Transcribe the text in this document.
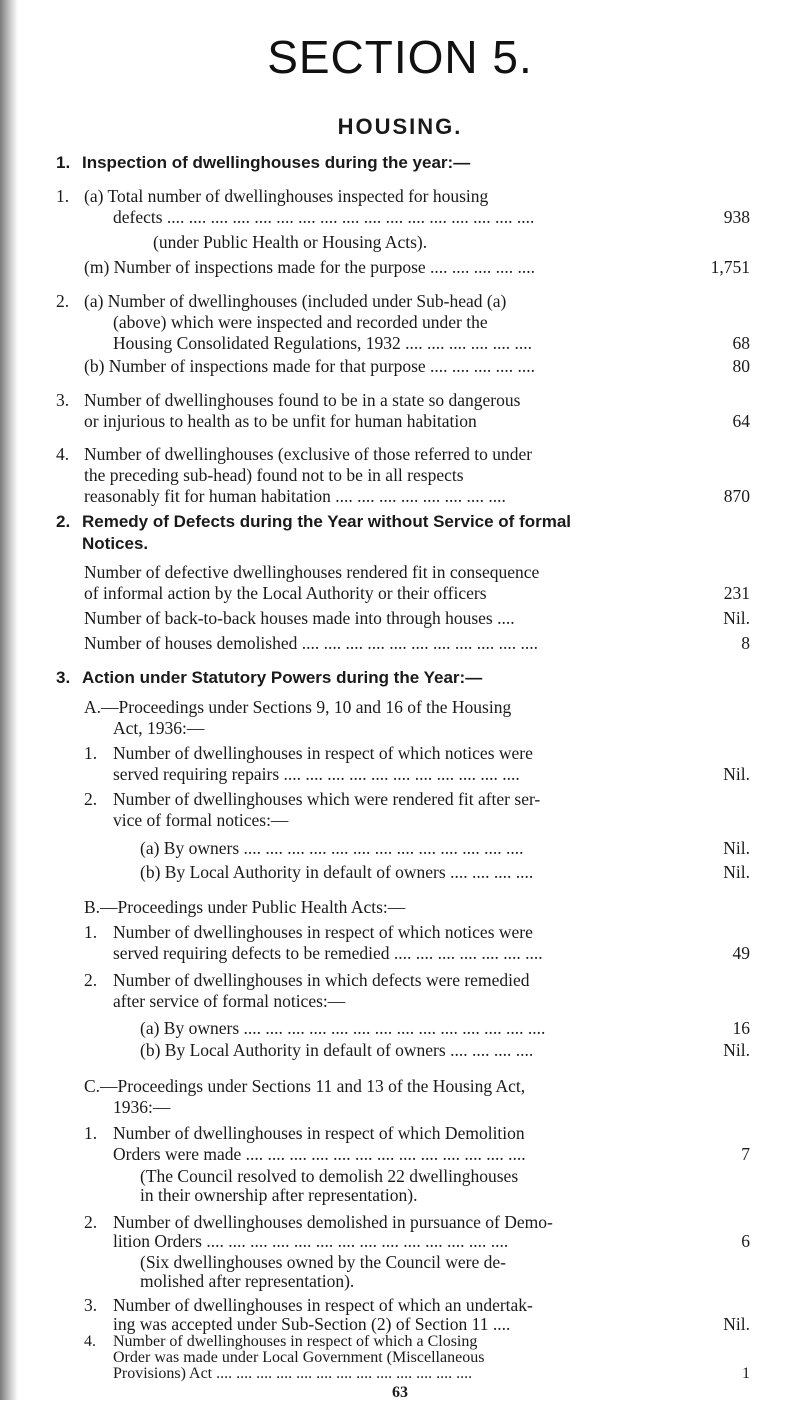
SECTION 5.
HOUSING.
1. Inspection of dwellinghouses during the year:—
1. (a) Total number of dwellinghouses inspected for housing
defects .... .... .... .... .... .... .... .... .... .... .... .... .... .... .... .... ....	938
(under Public Health or Housing Acts).
(m) Number of inspections made for the purpose .... .... .... .... ....	1,751
2. (a) Number of dwellinghouses (included under Sub-head (a)
(above) which were inspected and recorded under the
Housing Consolidated Regulations, 1932 .... .... .... .... .... ....	68
(b) Number of inspections made for that purpose .... .... .... .... ....	80
3. Number of dwellinghouses found to be in a state so dangerous
or injurious to health as to be unfit for human habitation	64
4. Number of dwellinghouses (exclusive of those referred to under
the preceding sub-head) found not to be in all respects
reasonably fit for human habitation .... .... .... .... .... .... .... ....	870
2. Remedy of Defects during the Year without Service of formal
Notices.
Number of defective dwellinghouses rendered fit in consequence
of informal action by the Local Authority or their officers	231
Number of back-to-back houses made into through houses ....	Nil.
Number of houses demolished .... .... .... .... .... .... .... .... .... .... ....	8
3. Action under Statutory Powers during the Year:—
A.—Proceedings under Sections 9, 10 and 16 of the Housing
Act, 1936:—
1. Number of dwellinghouses in respect of which notices were
served requiring repairs .... .... .... .... .... .... .... .... .... .... ....	Nil.
2. Number of dwellinghouses which were rendered fit after ser-
vice of formal notices:—
(a) By owners .... .... .... .... .... .... .... .... .... .... .... .... ....	Nil.
(b) By Local Authority in default of owners .... .... .... ....	Nil.
B.—Proceedings under Public Health Acts:—
1. Number of dwellinghouses in respect of which notices were
served requiring defects to be remedied .... .... .... .... .... .... ....	49
2. Number of dwellinghouses in which defects were remedied
after service of formal notices:—
(a) By owners .... .... .... .... .... .... .... .... .... .... .... .... .... ....	16
(b) By Local Authority in default of owners .... .... .... ....	Nil.
C.—Proceedings under Sections 11 and 13 of the Housing Act,
1936:—
1. Number of dwellinghouses in respect of which Demolition
Orders were made .... .... .... .... .... .... .... .... .... .... .... .... ....	7
(The Council resolved to demolish 22 dwellinghouses
in their ownership after representation).
2. Number of dwellinghouses demolished in pursuance of Demo-
lition Orders .... .... .... .... .... .... .... .... .... .... .... .... .... ....	6
(Six dwellinghouses owned by the Council were de-
molished after representation).
3. Number of dwellinghouses in respect of which an undertak-
ing was accepted under Sub-Section (2) of Section 11 ....	Nil.
63
4. Number of dwellinghouses in respect of which a Closing
Order was made under Local Government (Miscellaneous
Provisions) Act .... .... .... .... .... .... .... .... .... .... .... .... ....	1
